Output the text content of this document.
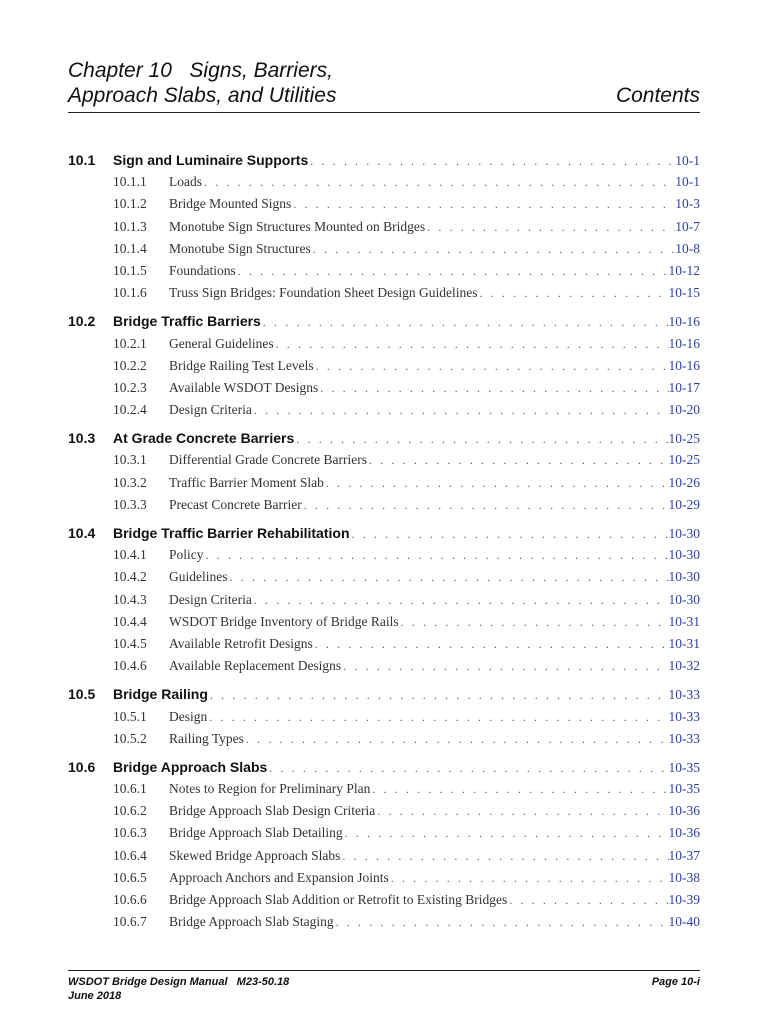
Chapter 10 Signs, Barriers,
Approach Slabs, and Utilities	Contents
10.1	Sign and Luminaire Supports . . .	10-1
10.1.1	Loads . . .	10-1
10.1.2	Bridge Mounted Signs . . .	10-3
10.1.3	Monotube Sign Structures Mounted on Bridges . . .	10-7
10.1.4	Monotube Sign Structures . . .	10-8
10.1.5	Foundations . . .	10-12
10.1.6	Truss Sign Bridges: Foundation Sheet Design Guidelines . . .	10-15
10.2	Bridge Traffic Barriers . . .	10-16
10.2.1	General Guidelines . . .	10-16
10.2.2	Bridge Railing Test Levels . . .	10-16
10.2.3	Available WSDOT Designs . . .	10-17
10.2.4	Design Criteria . . .	10-20
10.3	At Grade Concrete Barriers . . .	10-25
10.3.1	Differential Grade Concrete Barriers . . .	10-25
10.3.2	Traffic Barrier Moment Slab . . .	10-26
10.3.3	Precast Concrete Barrier . . .	10-29
10.4	Bridge Traffic Barrier Rehabilitation . . .	10-30
10.4.1	Policy . . .	10-30
10.4.2	Guidelines . . .	10-30
10.4.3	Design Criteria . . .	10-30
10.4.4	WSDOT Bridge Inventory of Bridge Rails . . .	10-31
10.4.5	Available Retrofit Designs . . .	10-31
10.4.6	Available Replacement Designs . . .	10-32
10.5	Bridge Railing . . .	10-33
10.5.1	Design . . .	10-33
10.5.2	Railing Types . . .	10-33
10.6	Bridge Approach Slabs . . .	10-35
10.6.1	Notes to Region for Preliminary Plan . . .	10-35
10.6.2	Bridge Approach Slab Design Criteria . . .	10-36
10.6.3	Bridge Approach Slab Detailing . . .	10-36
10.6.4	Skewed Bridge Approach Slabs . . .	10-37
10.6.5	Approach Anchors and Expansion Joints . . .	10-38
10.6.6	Bridge Approach Slab Addition or Retrofit to Existing Bridges . . .	10-39
10.6.7	Bridge Approach Slab Staging . . .	10-40
WSDOT Bridge Design Manual   M23-50.18	Page 10-i
June 2018
